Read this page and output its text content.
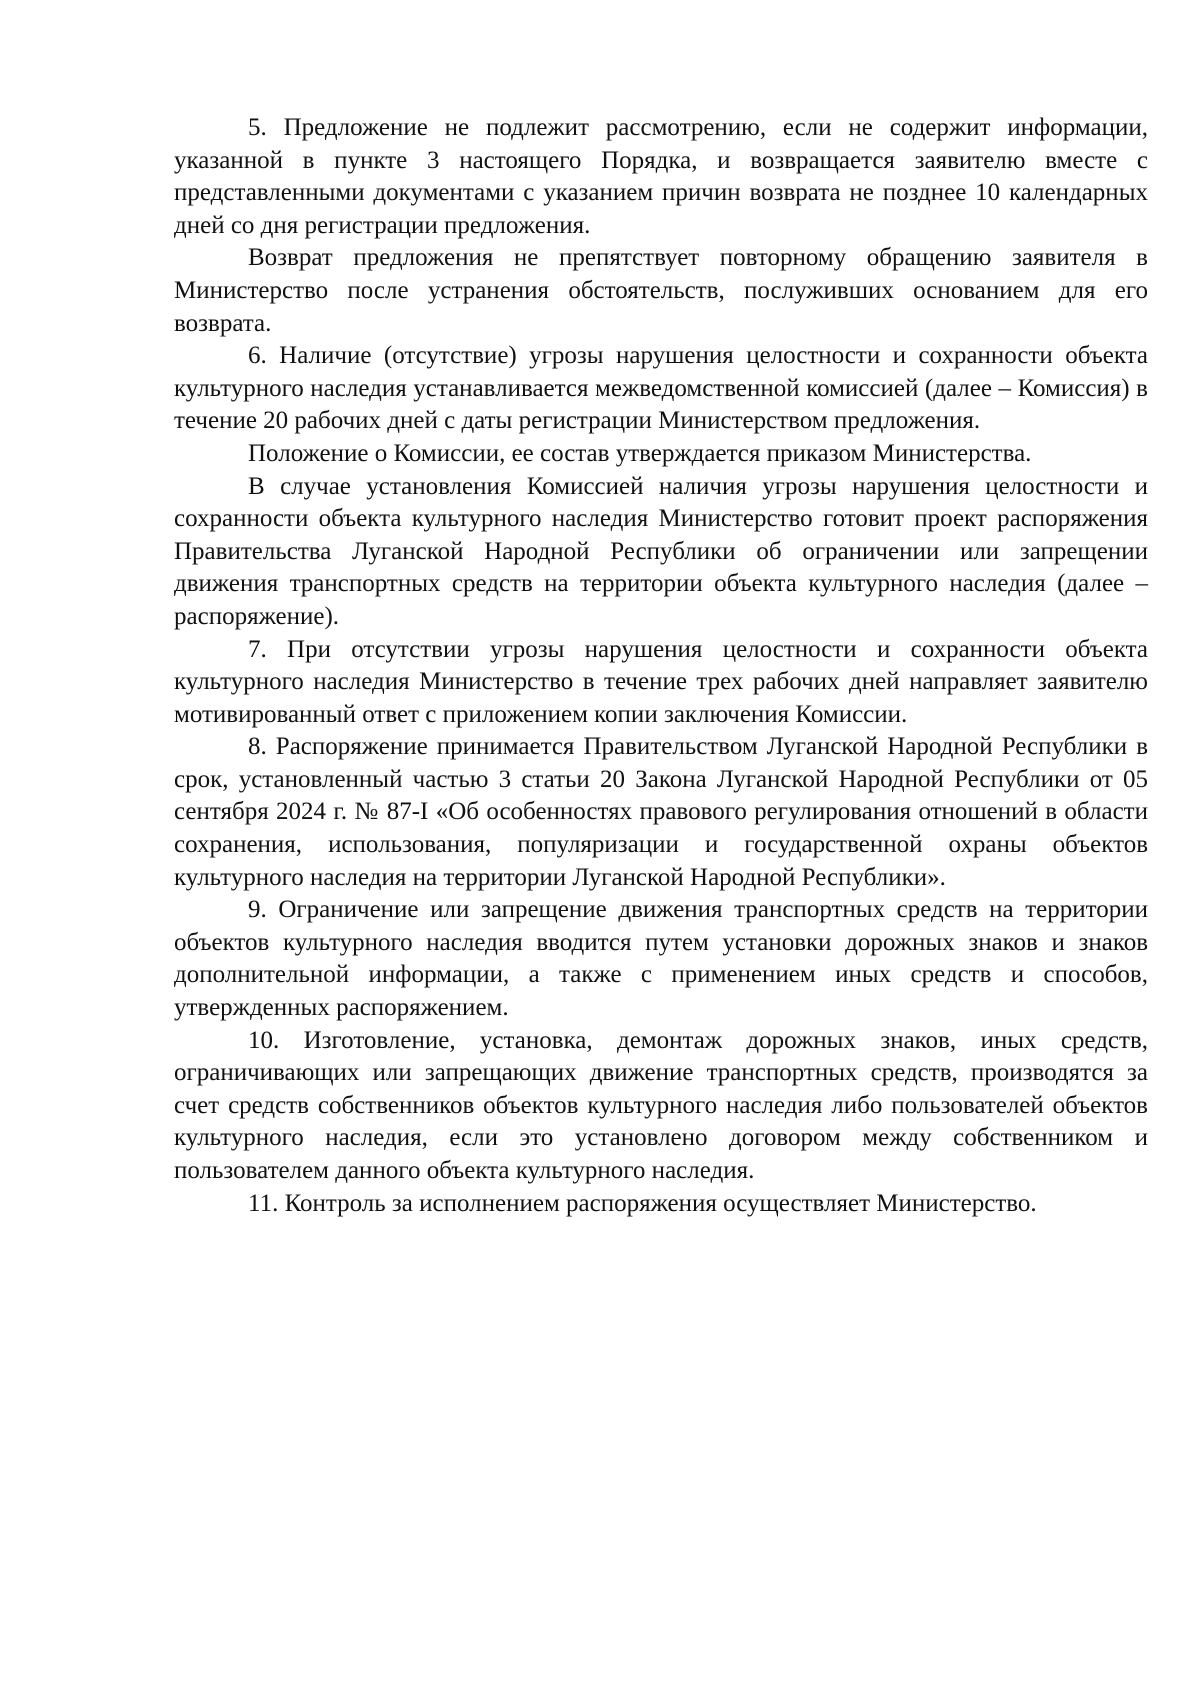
5. Предложение не подлежит рассмотрению, если не содержит информации, указанной в пункте 3 настоящего Порядка, и возвращается заявителю вместе с представленными документами с указанием причин возврата не позднее 10 календарных дней со дня регистрации предложения.

Возврат предложения не препятствует повторному обращению заявителя в Министерство после устранения обстоятельств, послуживших основанием для его возврата.

6. Наличие (отсутствие) угрозы нарушения целостности и сохранности объекта культурного наследия устанавливается межведомственной комиссией (далее – Комиссия) в течение 20 рабочих дней с даты регистрации Министерством предложения.

Положение о Комиссии, ее состав утверждается приказом Министерства.

В случае установления Комиссией наличия угрозы нарушения целостности и сохранности объекта культурного наследия Министерство готовит проект распоряжения Правительства Луганской Народной Республики об ограничении или запрещении движения транспортных средств на территории объекта культурного наследия (далее – распоряжение).

7. При отсутствии угрозы нарушения целостности и сохранности объекта культурного наследия Министерство в течение трех рабочих дней направляет заявителю мотивированный ответ с приложением копии заключения Комиссии.

8. Распоряжение принимается Правительством Луганской Народной Республики в срок, установленный частью 3 статьи 20 Закона Луганской Народной Республики от 05 сентября 2024 г. № 87-I «Об особенностях правового регулирования отношений в области сохранения, использования, популяризации и государственной охраны объектов культурного наследия на территории Луганской Народной Республики».

9. Ограничение или запрещение движения транспортных средств на территории объектов культурного наследия вводится путем установки дорожных знаков и знаков дополнительной информации, а также с применением иных средств и способов, утвержденных распоряжением.

10. Изготовление, установка, демонтаж дорожных знаков, иных средств, ограничивающих или запрещающих движение транспортных средств, производятся за счет средств собственников объектов культурного наследия либо пользователей объектов культурного наследия, если это установлено договором между собственником и пользователем данного объекта культурного наследия.

11. Контроль за исполнением распоряжения осуществляет Министерство.
